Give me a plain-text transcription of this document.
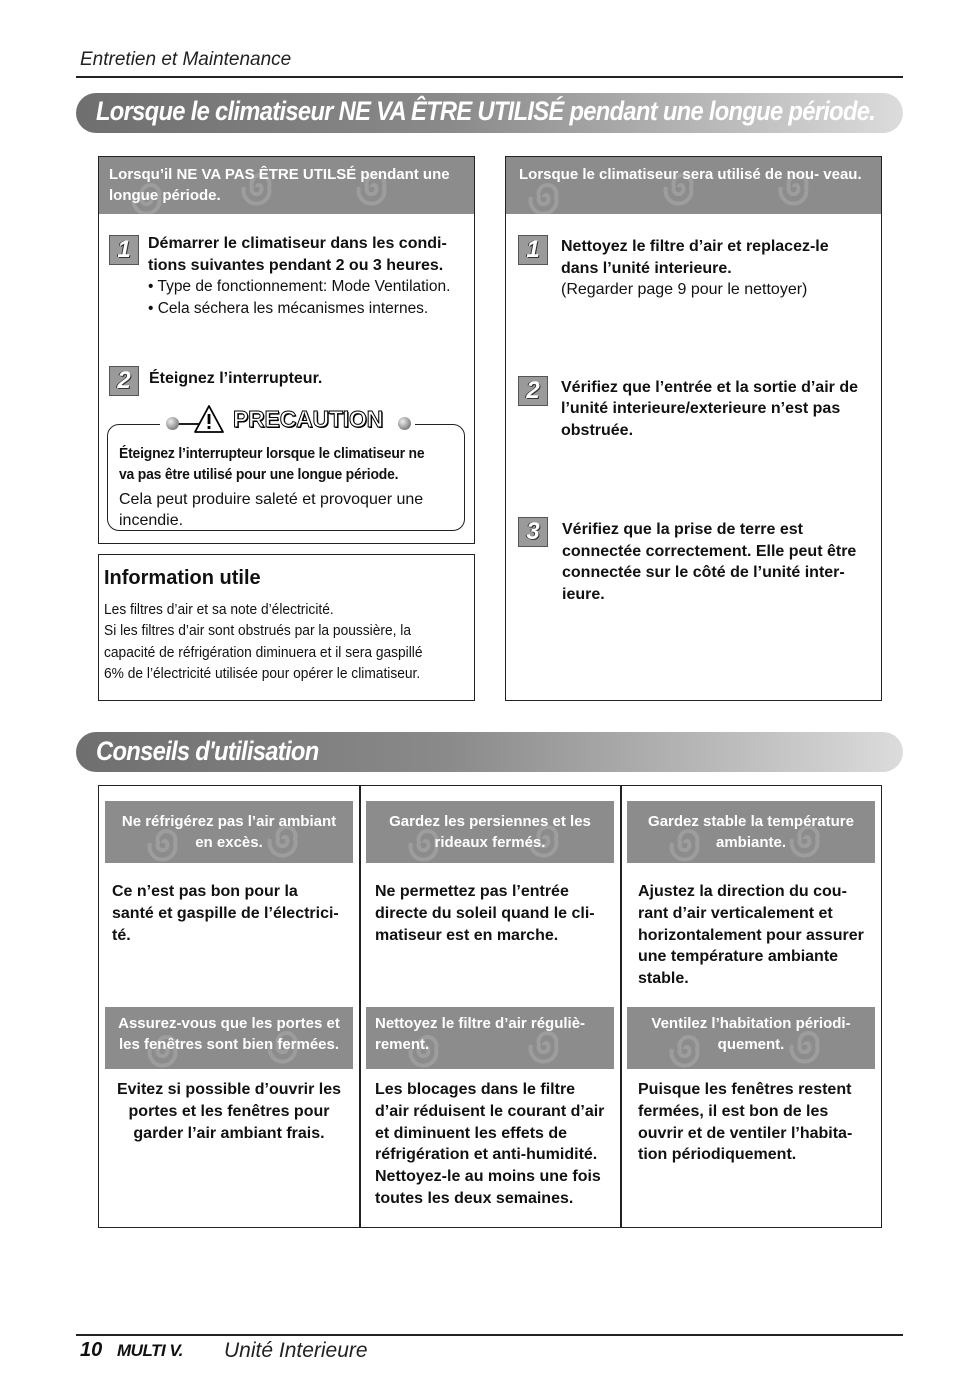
Entretien et Maintenance
Lorsque le climatiseur NE VA ÊTRE UTILISÉ pendant une longue période.
Lorsqu’il NE VA PAS ÊTRE UTILSÉ pendant une longue période.
1	Démarrer le climatiseur dans les condi-
tions suivantes pendant 2 ou 3 heures.
• Type de fonctionnement: Mode Ventilation.
• Cela séchera les mécanismes internes.
2	Éteignez l’interrupteur.
PRECAUTION
Éteignez l’interrupteur lorsque le climatiseur ne
va pas être utilisé pour une longue période.
Cela peut produire saleté et provoquer une
incendie.
Information utile
Les filtres d’air et sa note d’électricité.
Si les filtres d’air sont obstrués par la poussière, la
capacité de réfrigération diminuera et il sera gaspillé
6% de l’électricité utilisée pour opérer le climatiseur.
Lorsque le climatiseur sera utilisé de nou- veau.
1	Nettoyez le filtre d’air et replacez-le
dans l’unité interieure.
(Regarder page 9 pour le nettoyer)
2	Vérifiez que l’entrée et la sortie d’air de
l’unité interieure/exterieure n’est pas
obstruée.
3	Vérifiez que la prise de terre est
connectée correctement. Elle peut être
connectée sur le côté de l’unité inter-
ieure.
Conseils d'utilisation
Ne réfrigérez pas l’air ambiant
en excès.
Gardez les persiennes et les
rideaux fermés.
Gardez stable la température
ambiante.
Ce n’est pas bon pour la
santé et gaspille de l’électrici-
té.
Ne permettez pas l’entrée
directe du soleil quand le cli-
matiseur est en marche.
Ajustez la direction du cou-
rant d’air verticalement et
horizontalement pour assurer
une température ambiante
stable.
Assurez-vous que les portes et
les fenêtres sont bien fermées.
Nettoyez le filtre d’air réguliè-
rement.
Ventilez l’habitation périodi-
quement.
Evitez si possible d’ouvrir les
portes et les fenêtres pour
garder l’air ambiant frais.
Les blocages dans le filtre
d’air réduisent le courant d’air
et diminuent les effets de
réfrigération et anti-humidité.
Nettoyez-le au moins une fois
toutes les deux semaines.
Puisque les fenêtres restent
fermées, il est bon de les
ouvrir et de ventiler l’habita-
tion périodiquement.
10 MULTI V. Unité Interieure
